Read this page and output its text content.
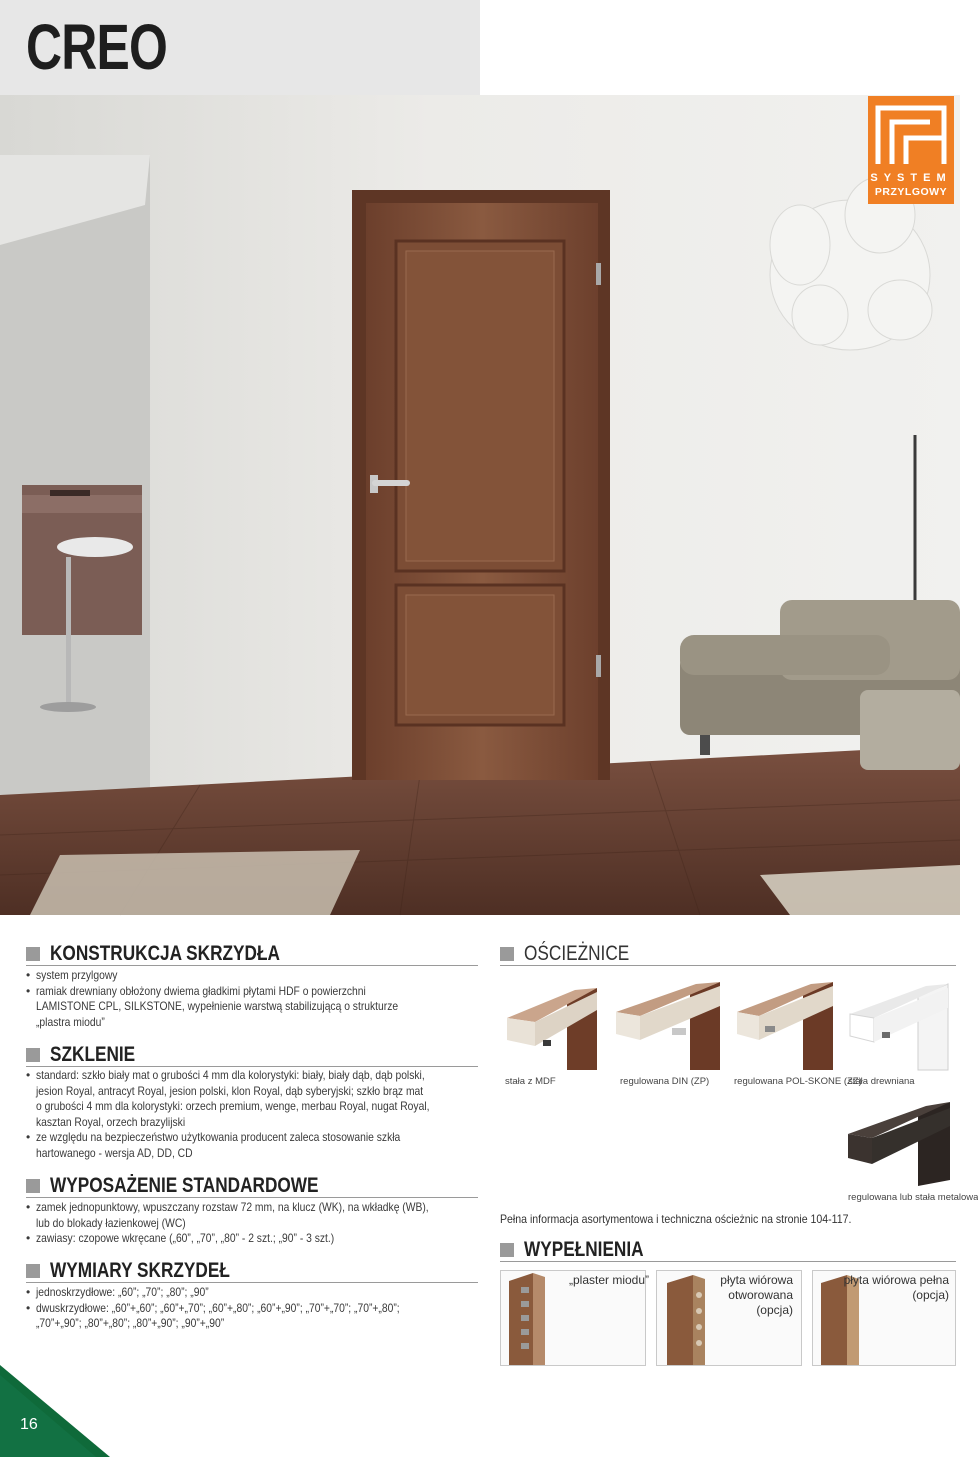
CREO
SYSTEM
PRZYLGOWY
KONSTRUKCJA SKRZYDŁA
• system przylgowy
• ramiak drewniany obłożony dwiema gładkimi płytami HDF o powierzchni
LAMISTONE CPL, SILKSTONE, wypełnienie warstwą stabilizującą o strukturze
„plastra miodu”
SZKLENIE
• standard: szkło biały mat o grubości 4 mm dla kolorystyki: biały, biały dąb, dąb polski,
jesion Royal, antracyt Royal, jesion polski, klon Royal, dąb syberyjski; szkło brąz mat
o grubości 4 mm dla kolorystyki: orzech premium, wenge, merbau Royal, nugat Royal,
kasztan Royal, orzech brazylijski
• ze względu na bezpieczeństwo użytkowania producent zaleca stosowanie szkła
hartowanego - wersja AD, DD, CD
WYPOSAŻENIE STANDARDOWE
• zamek jednopunktowy, wpuszczany rozstaw 72 mm, na klucz (WK), na wkładkę (WB),
lub do blokady łazienkowej (WC)
• zawiasy: czopowe wkręcane („60”, „70”, „80” - 2 szt.; „90” - 3 szt.)
WYMIARY SKRZYDEŁ
• jednoskrzydłowe: „60”; „70”; „80”; „90”
• dwuskrzydłowe: „60”+„60”; „60”+„70”; „60”+„80”; „60”+„90”; „70”+„70”; „70”+„80”;
„70”+„90”; „80”+„80”; „80”+„90”; „90”+„90”
OŚCIEŻNICE
stała z MDF	regulowana DIN (ZP)	regulowana POL-SKONE (ZZ)
stała drewniana
regulowana lub stała metalowa
Pełna informacja asortymentowa i techniczna ościeżnic na stronie 104-117.
WYPEŁNIENIA
„plaster miodu”	płyta wiórowa
otworowana
(opcja)
płyta wiórowa pełna
(opcja)
16
